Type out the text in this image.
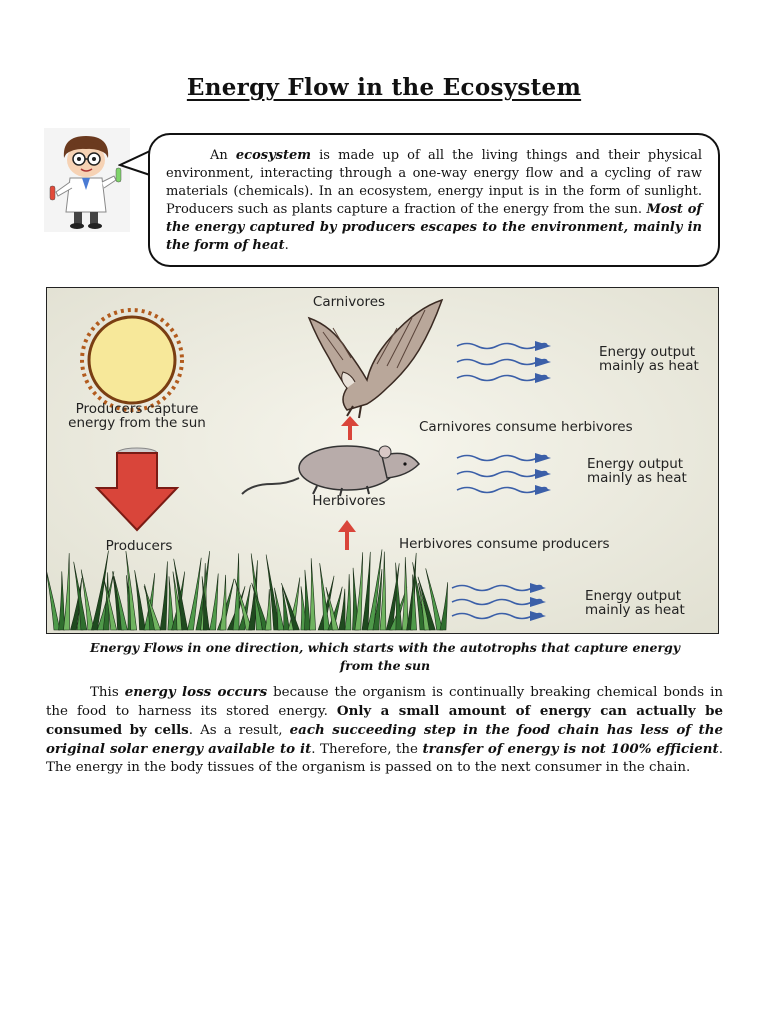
Energy Flow in the Ecosystem
An ecosystem is made up of all the living things and their physical environment, interacting through a one-way energy flow and a cycling of raw materials (chemicals). In an ecosystem, energy input is in the form of sunlight. Producers such as plants capture a fraction of the energy from the sun. Most of the energy captured by producers escapes to the environment, mainly in the form of heat.
Producers capture
energy from the sun
Producers
Carnivores
Carnivores consume herbivores
Herbivores
Herbivores consume producers
Energy output
mainly as heat
Energy output
mainly as heat
Energy output
mainly as heat
Energy Flows in one direction, which starts with the autotrophs that capture energy
from the sun
This energy loss occurs because the organism is continually breaking chemical bonds in the food to harness its stored energy. Only a small amount of energy can actually be consumed by cells. As a result, each succeeding step in the food chain has less of the original solar energy available to it. Therefore, the transfer of energy is not 100% efficient. The energy in the body tissues of the organism is passed on to the next consumer in the chain.
